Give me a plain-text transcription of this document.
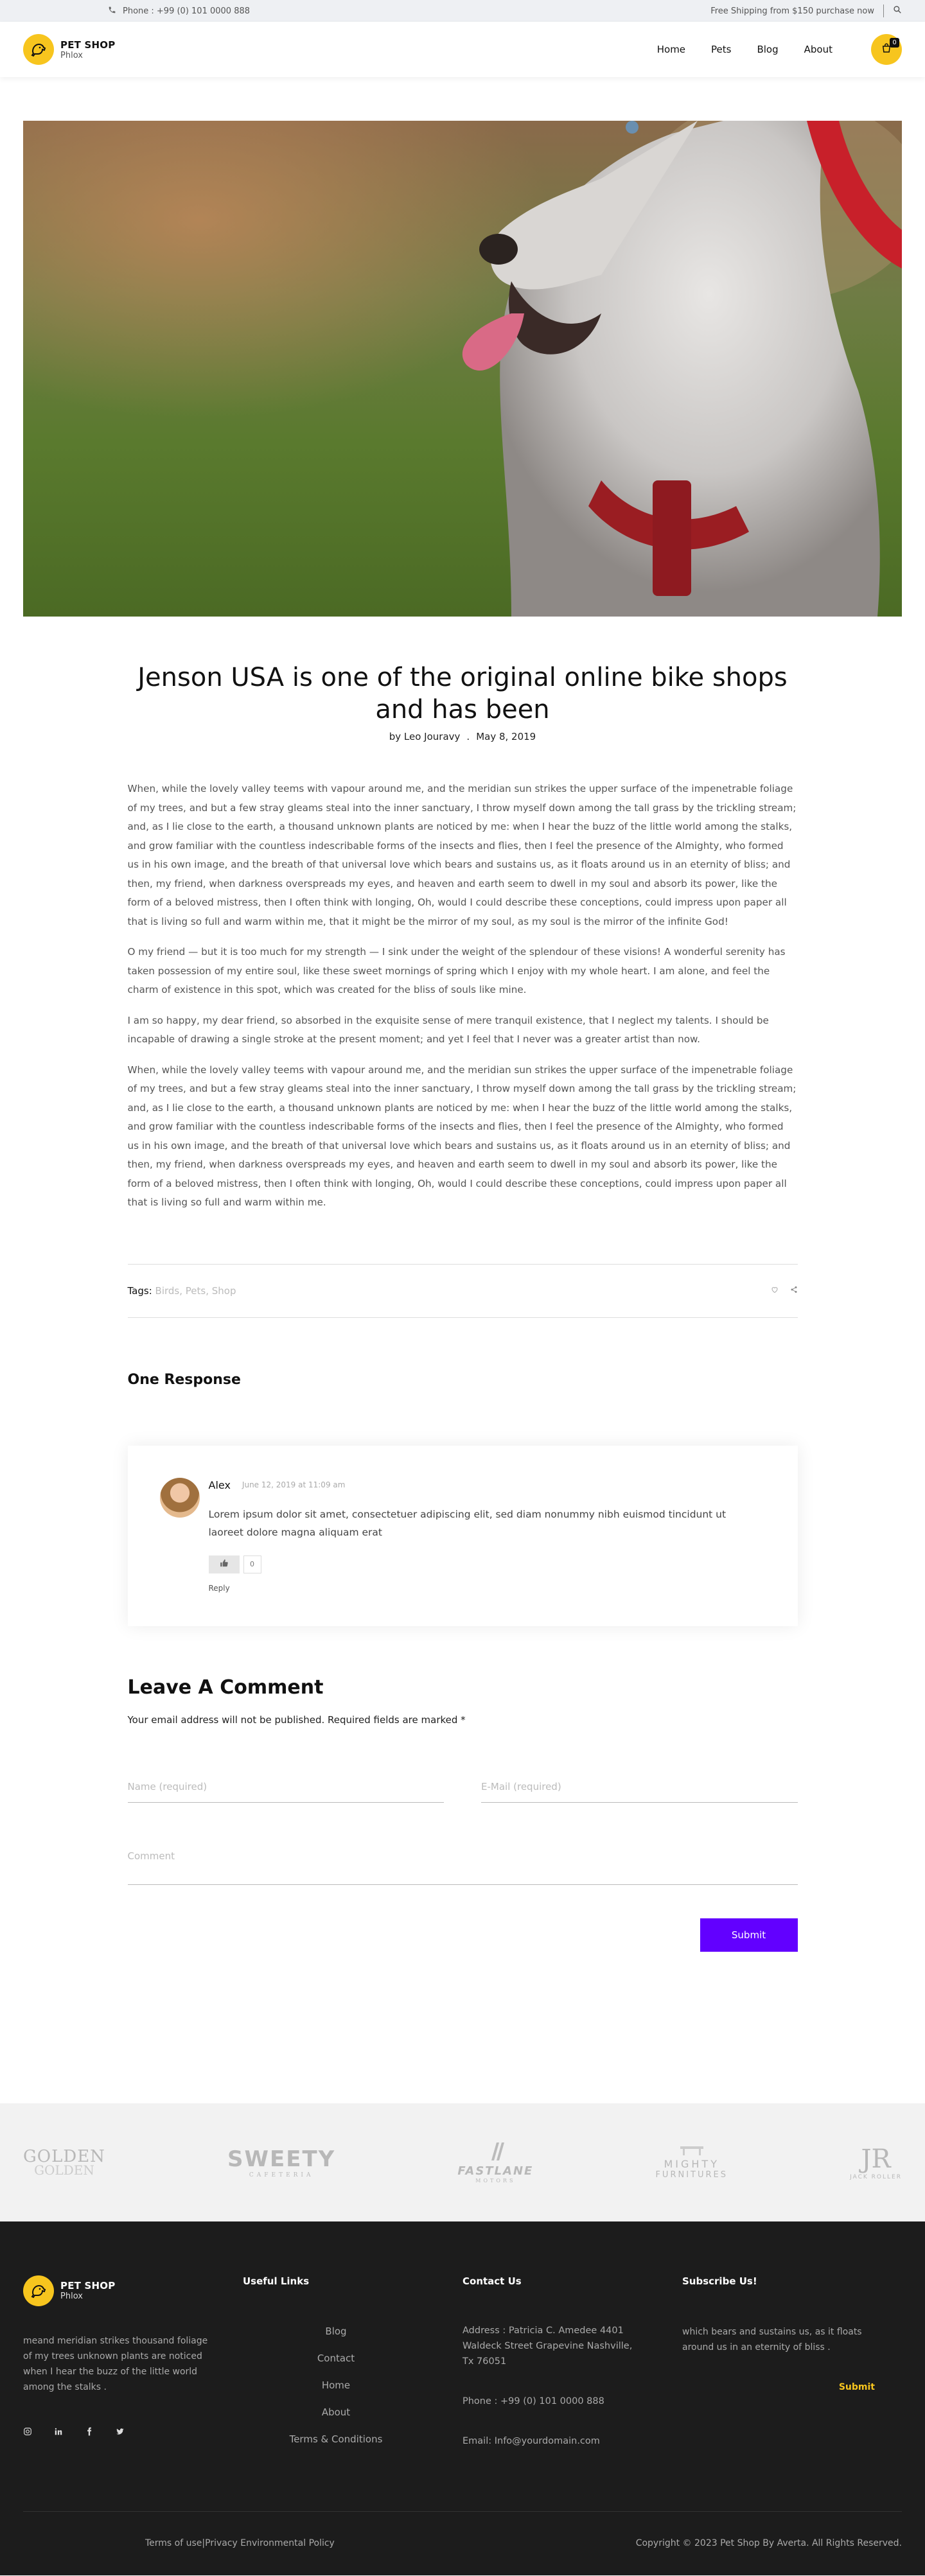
Phone : +99 (0) 101 0000 888	Free Shipping from $150 purchase now
PET SHOP
Phlox	Home	Pets	Blog	About
0
Jenson USA is one of the original online bike shops and has been
by Leo Jouravy . May 8, 2019

When, while the lovely valley teems with vapour around me, and the meridian sun strikes the upper surface of the impenetrable foliage of my trees, and but a few stray gleams steal into the inner sanctuary, I throw myself down among the tall grass by the trickling stream; and, as I lie close to the earth, a thousand unknown plants are noticed by me: when I hear the buzz of the little world among the stalks, and grow familiar with the countless indescribable forms of the insects and flies, then I feel the presence of the Almighty, who formed us in his own image, and the breath of that universal love which bears and sustains us, as it floats around us in an eternity of bliss; and then, my friend, when darkness overspreads my eyes, and heaven and earth seem to dwell in my soul and absorb its power, like the form of a beloved mistress, then I often think with longing, Oh, would I could describe these conceptions, could impress upon paper all that is living so full and warm within me, that it might be the mirror of my soul, as my soul is the mirror of the infinite God!

O my friend — but it is too much for my strength — I sink under the weight of the splendour of these visions! A wonderful serenity has taken possession of my entire soul, like these sweet mornings of spring which I enjoy with my whole heart. I am alone, and feel the charm of existence in this spot, which was created for the bliss of souls like mine.

I am so happy, my dear friend, so absorbed in the exquisite sense of mere tranquil existence, that I neglect my talents. I should be incapable of drawing a single stroke at the present moment; and yet I feel that I never was a greater artist than now.

When, while the lovely valley teems with vapour around me, and the meridian sun strikes the upper surface of the impenetrable foliage of my trees, and but a few stray gleams steal into the inner sanctuary, I throw myself down among the tall grass by the trickling stream; and, as I lie close to the earth, a thousand unknown plants are noticed by me: when I hear the buzz of the little world among the stalks, and grow familiar with the countless indescribable forms of the insects and flies, then I feel the presence of the Almighty, who formed us in his own image, and the breath of that universal love which bears and sustains us, as it floats around us in an eternity of bliss; and then, my friend, when darkness overspreads my eyes, and heaven and earth seem to dwell in my soul and absorb its power, like the form of a beloved mistress, then I often think with longing, Oh, would I could describe these conceptions, could impress upon paper all that is living so full and warm within me.

Tags: Birds, Pets, Shop
One Response
Alex June 12, 2019 at 11:09 am
Lorem ipsum dolor sit amet, consectetuer adipiscing elit, sed diam nonummy nibh euismod tincidunt ut laoreet dolore magna aliquam erat
0
Reply
Leave A Comment

Your email address will not be published. Required fields are marked *

Name (required)	E-Mail (required)
Comment
Submit
GOLDEN
GOLDEN	SWEETY
CAFETERIA	FASTLANE
MOTORS
MIGHTY
FURNITURES
JR
JACK ROLLER
PET SHOP
Phlox

meand meridian strikes thousand foliage of my trees unknown plants are noticed when I hear the buzz of the little world among the stalks .

Useful Links
Blog
Contact
Home
About
Terms & Conditions
Contact Us

Address : Patricia C. Amedee 4401 Waldeck Street Grapevine Nashville, Tx 76051

Phone : +99 (0) 101 0000 888

Email: Info@yourdomain.com

Subscribe Us!

which bears and sustains us, as it floats around us in an eternity of bliss .

Submit
Terms of use|Privacy Environmental Policy	Copyright © 2023 Pet Shop By Averta. All Rights Reserved.
